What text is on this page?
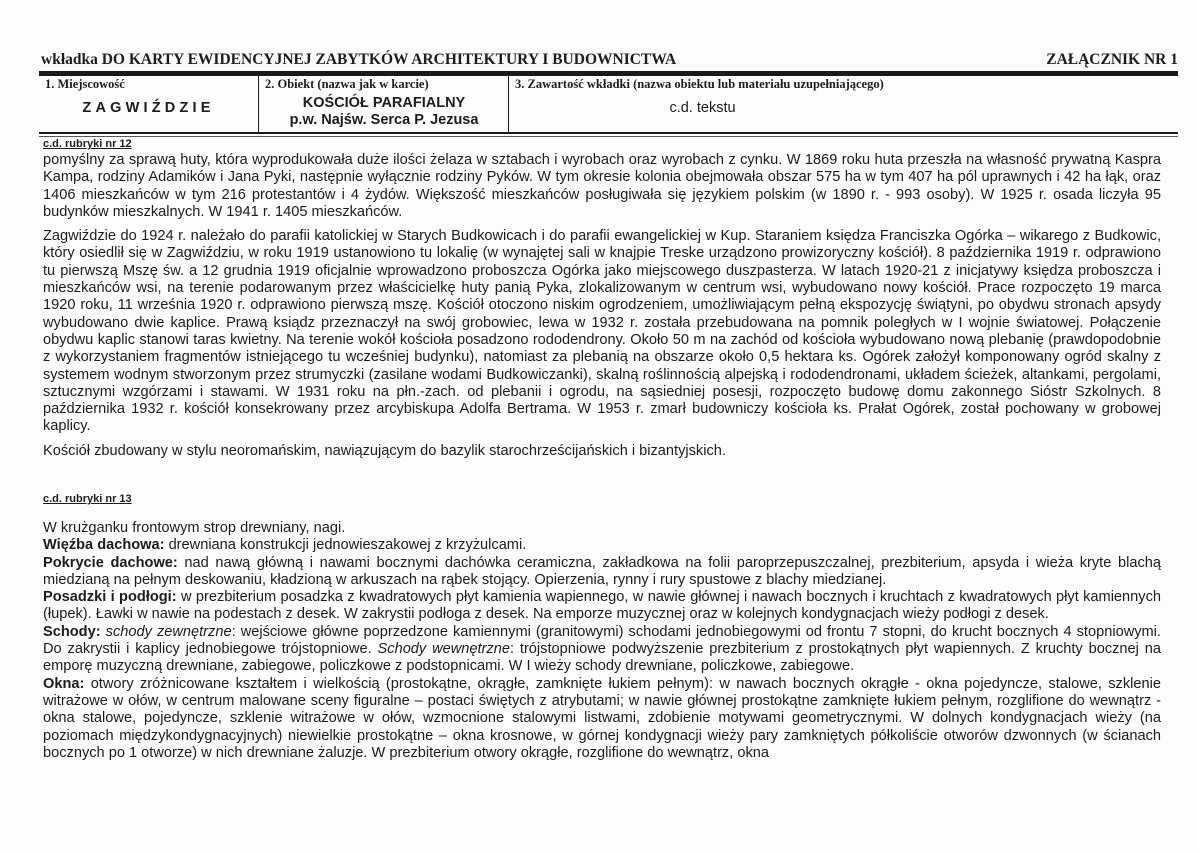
wkładka DO KARTY EWIDENCYJNEJ ZABYTKÓW ARCHITEKTURY I BUDOWNICTWA	ZAŁĄCZNIK NR 1
1. Miejscowość
ZAGWIŹDZIE
2. Obiekt (nazwa jak w karcie)
KOŚCIÓŁ PARAFIALNY
p.w. Najśw. Serca P. Jezusa
3. Zawartość wkładki (nazwa obiektu lub materiału uzupełniającego)
c.d. tekstu
c.d. rubryki nr 12

pomyślny za sprawą huty, która wyprodukowała duże ilości żelaza w sztabach i wyrobach oraz wyrobach z cynku. W 1869 roku huta przeszła na własność prywatną Kaspra Kampa, rodziny Adamików i Jana Pyki, następnie wyłącznie rodziny Pyków. W tym okresie kolonia obejmowała obszar 575 ha w tym 407 ha pól uprawnych i 42 ha łąk, oraz 1406 mieszkańców w tym 216 protestantów i 4 żydów. Większość mieszkańców posługiwała się językiem polskim (w 1890 r. - 993 osoby). W 1925 r. osada liczyła 95 budynków mieszkalnych. W 1941 r. 1405 mieszkańców.

Zagwiździe do 1924 r. należało do parafii katolickiej w Starych Budkowicach i do parafii ewangelickiej w Kup. Staraniem księdza Franciszka Ogórka – wikarego z Budkowic, który osiedlił się w Zagwiździu, w roku 1919 ustanowiono tu lokalię (w wynajętej sali w knajpie Treske urządzono prowizoryczny kościół). 8 października 1919 r. odprawiono tu pierwszą Mszę św. a 12 grudnia 1919 oficjalnie wprowadzono proboszcza Ogórka jako miejscowego duszpasterza. W latach 1920-21 z inicjatywy księdza proboszcza i mieszkańców wsi, na terenie podarowanym przez właścicielkę huty panią Pyka, zlokalizowanym w centrum wsi, wybudowano nowy kościół. Prace rozpoczęto 19 marca 1920 roku, 11 września 1920 r. odprawiono pierwszą mszę. Kościół otoczono niskim ogrodzeniem, umożliwiającym pełną ekspozycję świątyni, po obydwu stronach apsydy wybudowano dwie kaplice. Prawą ksiądz przeznaczył na swój grobowiec, lewa w 1932 r. została przebudowana na pomnik poległych w I wojnie światowej. Połączenie obydwu kaplic stanowi taras kwietny. Na terenie wokół kościoła posadzono rododendrony. Około 50 m na zachód od kościoła wybudowano nową plebanię (prawdopodobnie z wykorzystaniem fragmentów istniejącego tu wcześniej budynku), natomiast za plebanią na obszarze około 0,5 hektara ks. Ogórek założył komponowany ogród skalny z systemem wodnym stworzonym przez strumyczki (zasilane wodami Budkowiczanki), skalną roślinnością alpejską i rododendronami, układem ścieżek, altankami, pergolami, sztucznymi wzgórzami i stawami. W 1931 roku na płn.-zach. od plebanii i ogrodu, na sąsiedniej posesji, rozpoczęto budowę domu zakonnego Sióstr Szkolnych. 8 października 1932 r. kościół konsekrowany przez arcybiskupa Adolfa Bertrama. W 1953 r. zmarł budowniczy kościoła ks. Prałat Ogórek, został pochowany w grobowej kaplicy.

Kościół zbudowany w stylu neoromańskim, nawiązującym do bazylik starochrześcijańskich i bizantyjskich.

c.d. rubryki nr 13

W krużganku frontowym strop drewniany, nagi.

Więźba dachowa: drewniana konstrukcji jednowieszakowej z krzyżulcami.

Pokrycie dachowe: nad nawą główną i nawami bocznymi dachówka ceramiczna, zakładkowa na folii paroprzepuszczalnej, prezbiterium, apsyda i wieża kryte blachą miedzianą na pełnym deskowaniu, kładzioną w arkuszach na rąbek stojący. Opierzenia, rynny i rury spustowe z blachy miedzianej.

Posadzki i podłogi: w prezbiterium posadzka z kwadratowych płyt kamienia wapiennego, w nawie głównej i nawach bocznych i kruchtach z kwadratowych płyt kamiennych (łupek). Ławki w nawie na podestach z desek. W zakrystii podłoga z desek. Na emporze muzycznej oraz w kolejnych kondygnacjach wieży podłogi z desek.

Schody: schody zewnętrzne: wejściowe główne poprzedzone kamiennymi (granitowymi) schodami jednobiegowymi od frontu 7 stopni, do krucht bocznych 4 stopniowymi. Do zakrystii i kaplicy jednobiegowe trójstopniowe. Schody wewnętrzne: trójstopniowe podwyższenie prezbiterium z prostokątnych płyt wapiennych. Z kruchty bocznej na emporę muzyczną drewniane, zabiegowe, policzkowe z podstopnicami. W I wieży schody drewniane, policzkowe, zabiegowe.

Okna: otwory zróżnicowane kształtem i wielkością (prostokątne, okrągłe, zamknięte łukiem pełnym): w nawach bocznych okrągłe - okna pojedyncze, stalowe, szklenie witrażowe w ołów, w centrum malowane sceny figuralne – postaci świętych z atrybutami; w nawie głównej prostokątne zamknięte łukiem pełnym, rozglifione do wewnątrz - okna stalowe, pojedyncze, szklenie witrażowe w ołów, wzmocnione stalowymi listwami, zdobienie motywami geometrycznymi. W dolnych kondygnacjach wieży (na poziomach międzykondygnacyjnych) niewielkie prostokątne – okna krosnowe, w górnej kondygnacji wieży pary zamkniętych półkoliście otworów dzwonnych (w ścianach bocznych po 1 otworze) w nich drewniane żaluzje. W prezbiterium otwory okrągłe, rozglifione do wewnątrz, okna
